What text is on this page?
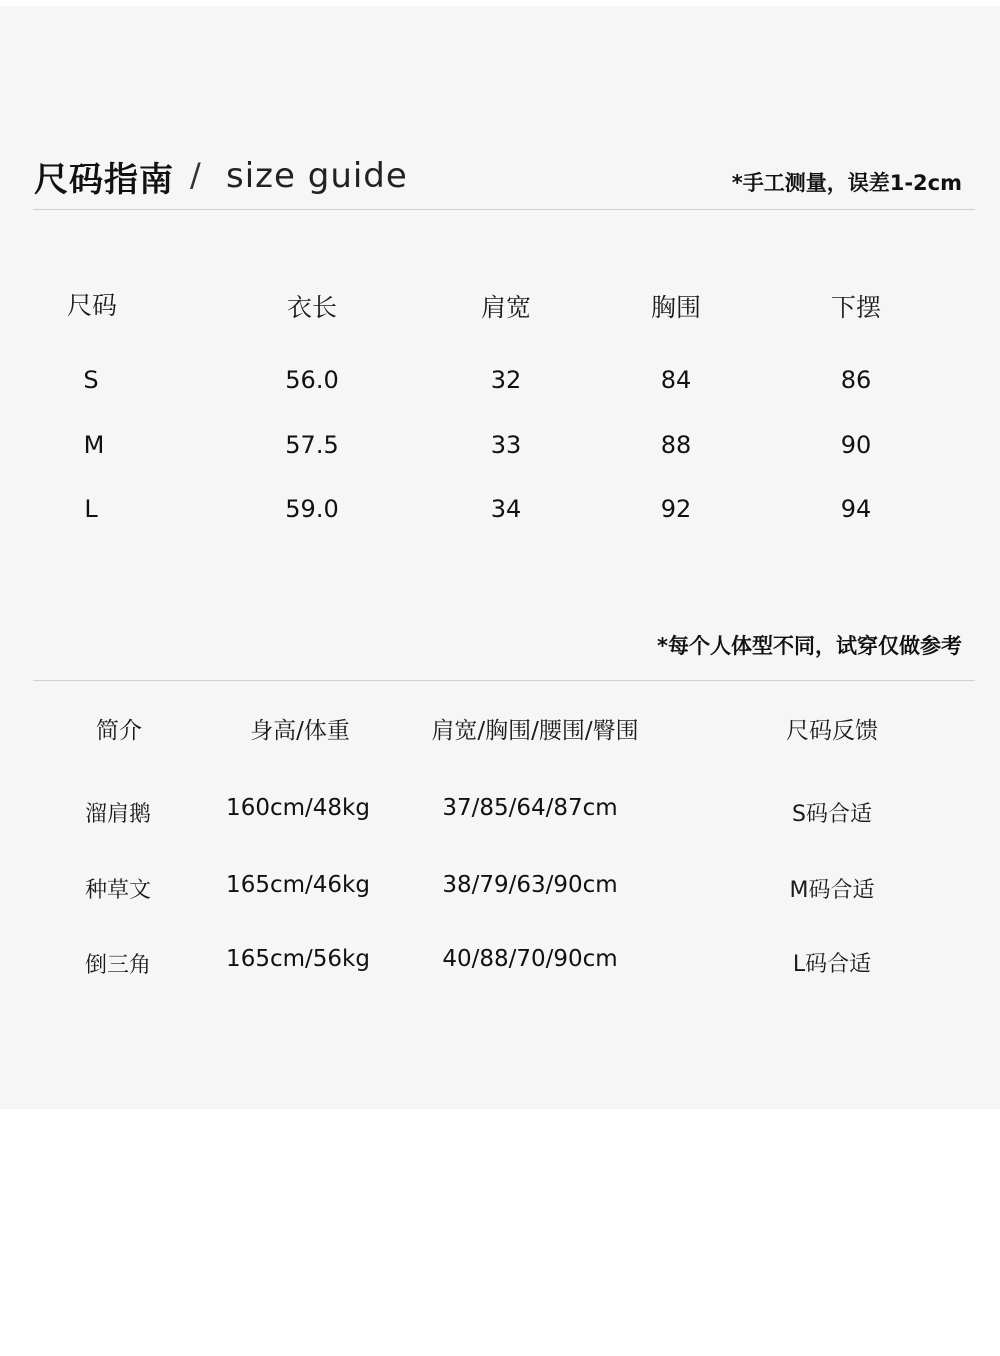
尺码指南 / size guide	*手工测量，误差1-2cm
尺码	衣长	肩宽	胸围	下摆
S	56.0	32	84	86
M	57.5	33	88	90
L	59.0	34	92	94
*每个人体型不同，试穿仅做参考
简介	身高/体重	肩宽/胸围/腰围/臀围	尺码反馈
溜肩鹅	160cm/48kg	37/85/64/87cm	S码合适
种草文	165cm/46kg	38/79/63/90cm	M码合适
倒三角	165cm/56kg	40/88/70/90cm	L码合适
